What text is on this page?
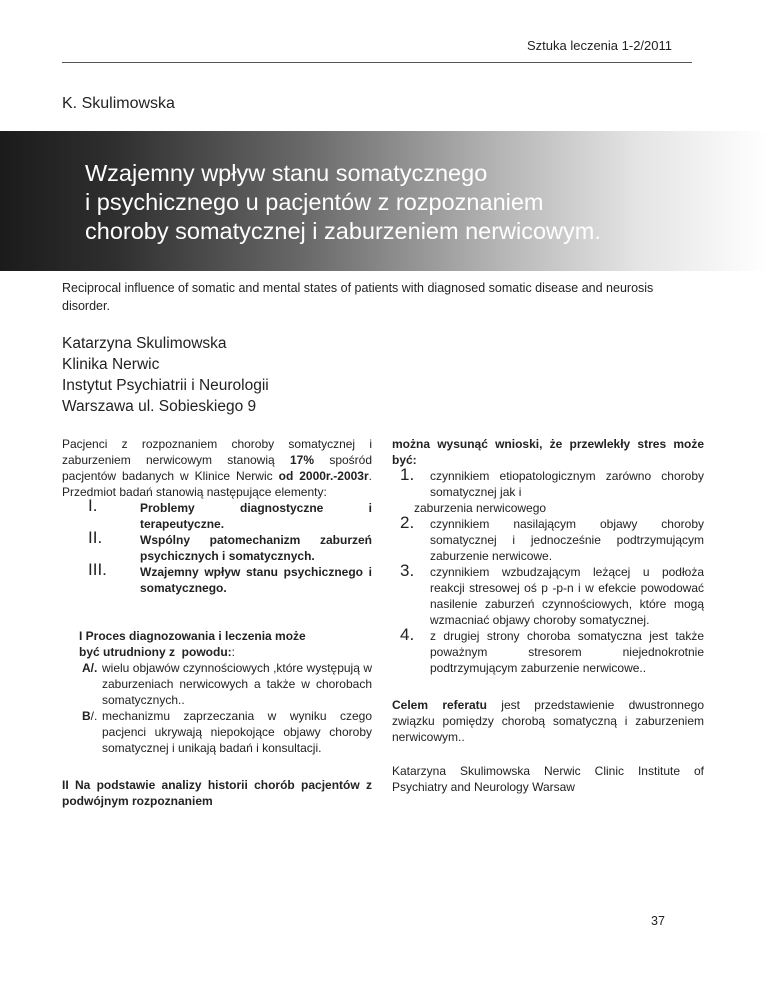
Sztuka leczenia 1-2/2011
K. Skulimowska
Wzajemny wpływ stanu somatycznego
i psychicznego u pacjentów z rozpoznaniem
choroby somatycznej i zaburzeniem nerwicowym.
Reciprocal influence of somatic and mental states of patients with diagnosed somatic disease and neurosis disorder.
Katarzyna Skulimowska
Klinika Nerwic
Instytut Psychiatrii i Neurologii
Warszawa ul. Sobieskiego 9

Pacjenci z rozpoznaniem choroby somatycznej i zaburzeniem nerwicowym stanowią 17% spośród pacjentów badanych w Klinice Nerwic od 2000r.-2003r. Przedmiot badań stanowią następujące elementy:

I.	Problemy diagnostyczne i terapeutyczne.
II.	Wspólny patomechanizm zaburzeń psychicznych i somatycznych.
III.	Wzajemny wpływ stanu psychicznego i somatycznego.

I Proces diagnozowania i leczenia może
być utrudniony z powodu::

A/. wielu objawów czynnościowych ,które występują w zaburzeniach nerwicowych a także w chorobach somatycznych..
B/. mechanizmu zaprzeczania w wyniku czego pacjenci ukrywają niepokojące objawy choroby somatycznej i unikają badań i konsultacji.

II Na podstawie analizy historii chorób pacjentów z podwójnym rozpoznaniem

można wysunąć wnioski, że przewlekły stres może być:

1. czynnikiem etiopatologicznym zarówno choroby somatycznej jak i
zaburzenia nerwicowego
2. czynnikiem nasilającym objawy choroby somatycznej i jednocześnie podtrzymującym zaburzenie nerwicowe.
3. czynnikiem wzbudzającym leżącej u podłoża reakcji stresowej oś p -p-n i w efekcie powodować nasilenie zaburzeń czynnościowych, które mogą wzmacniać objawy choroby somatycznej.
4. z drugiej strony choroba somatyczna jest także poważnym stresorem niejednokrotnie podtrzymującym zaburzenie nerwicowe..

Celem referatu jest przedstawienie dwustronnego związku pomiędzy chorobą somatyczną i zaburzeniem nerwicowym..

Katarzyna Skulimowska Nerwic Clinic Institute of Psychiatry and Neurology Warsaw

37
